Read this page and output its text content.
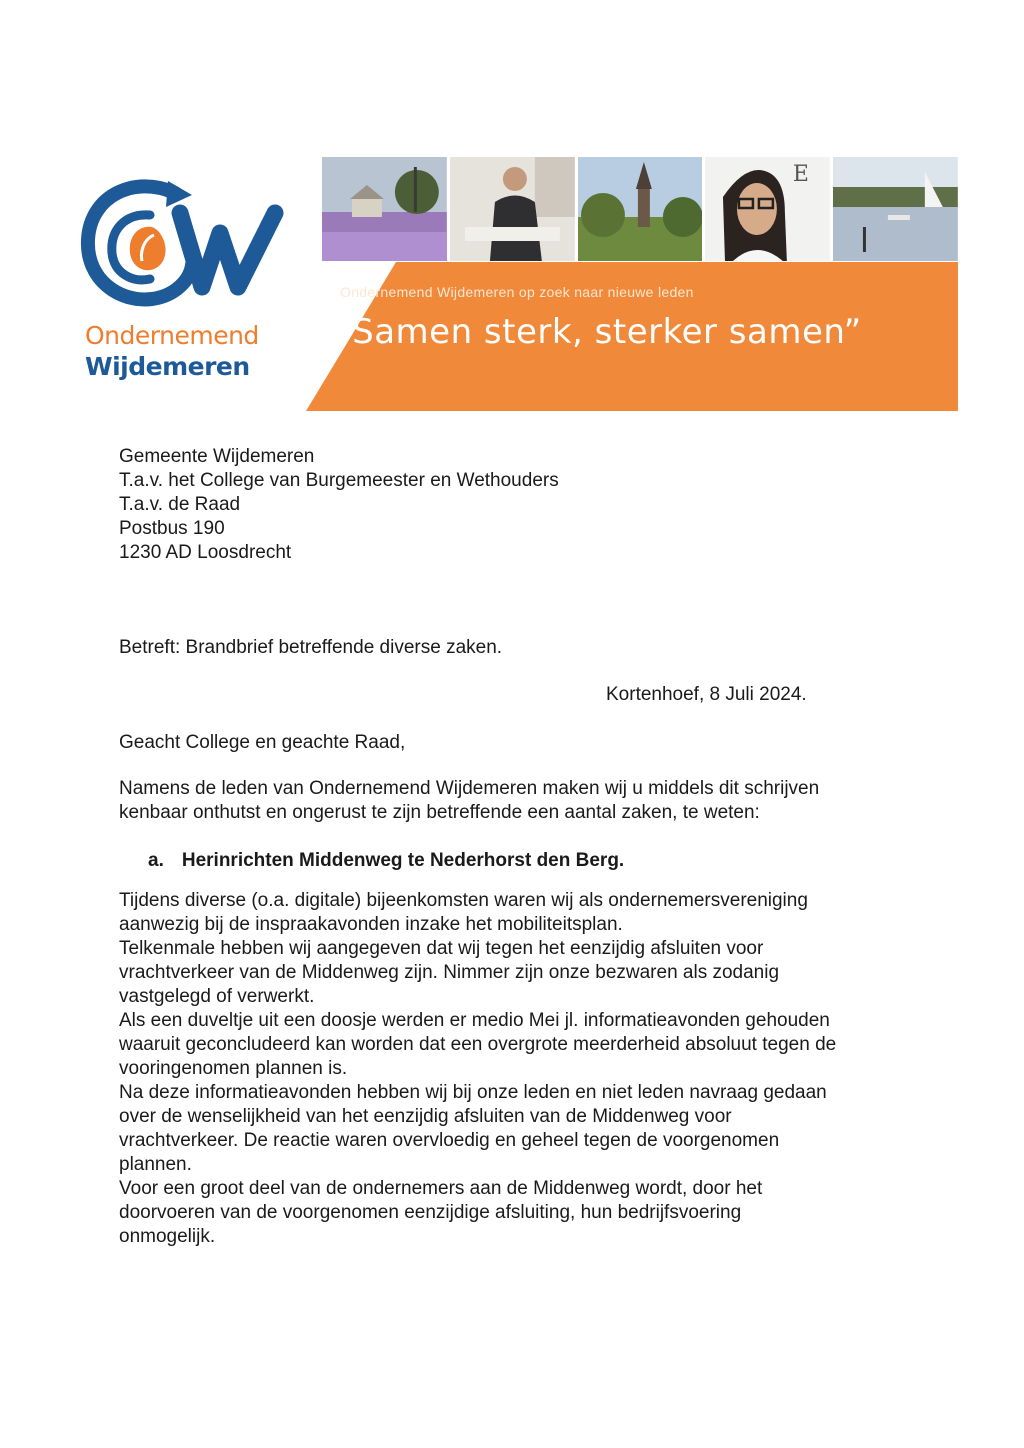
Ondernemend
Wijdemeren
E
Ondernemend Wijdemeren op zoek naar nieuwe leden
“Samen sterk, sterker samen”
Gemeente Wijdemeren
T.a.v. het College van Burgemeester en Wethouders
T.a.v. de Raad
Postbus 190
1230 AD Loosdrecht
Betreft: Brandbrief betreffende diverse zaken.
Kortenhoef, 8 Juli 2024.
Geacht College en geachte Raad,
Namens de leden van Ondernemend Wijdemeren maken wij u middels dit schrijven
kenbaar onthutst en ongerust te zijn betreffende een aantal zaken, te weten:
a. Herinrichten Middenweg te Nederhorst den Berg.
Tijdens diverse (o.a. digitale) bijeenkomsten waren wij als ondernemersvereniging
aanwezig bij de inspraakavonden inzake het mobiliteitsplan.
Telkenmale hebben wij aangegeven dat wij tegen het eenzijdig afsluiten voor
vrachtverkeer van de Middenweg zijn. Nimmer zijn onze bezwaren als zodanig
vastgelegd of verwerkt.
Als een duveltje uit een doosje werden er medio Mei jl. informatieavonden gehouden
waaruit geconcludeerd kan worden dat een overgrote meerderheid absoluut tegen de
vooringenomen plannen is.
Na deze informatieavonden hebben wij bij onze leden en niet leden navraag gedaan
over de wenselijkheid van het eenzijdig afsluiten van de Middenweg voor
vrachtverkeer. De reactie waren overvloedig en geheel tegen de voorgenomen
plannen.
Voor een groot deel van de ondernemers aan de Middenweg wordt, door het
doorvoeren van de voorgenomen eenzijdige afsluiting, hun bedrijfsvoering
onmogelijk.
